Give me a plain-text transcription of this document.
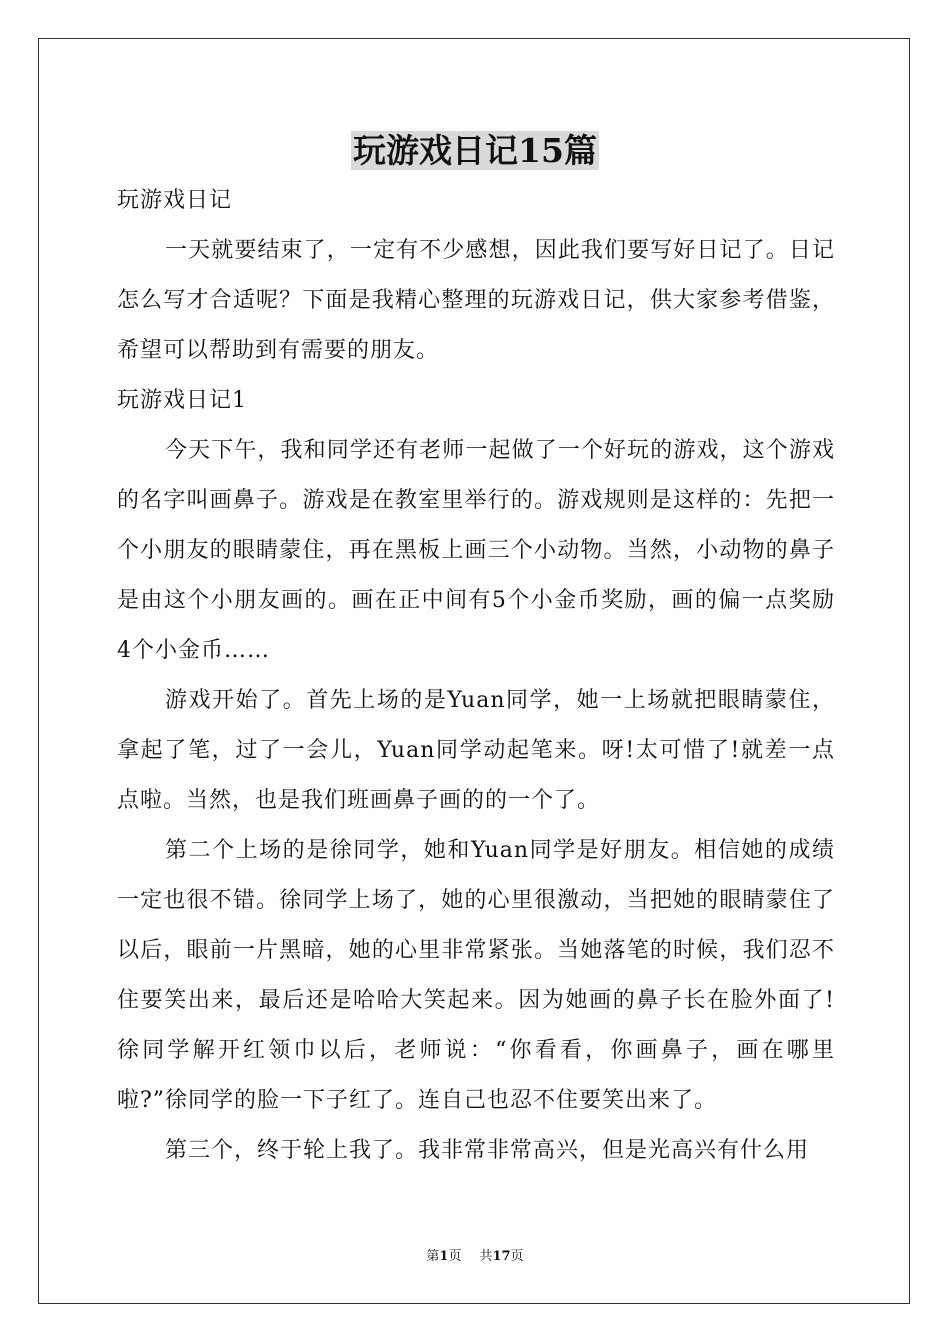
玩游戏日记15篇

玩游戏日记

一天就要结束了，一定有不少感想，因此我们要写好日记了。日记怎么写才合适呢？下面是我精心整理的玩游戏日记，供大家参考借鉴，希望可以帮助到有需要的朋友。

玩游戏日记1

今天下午，我和同学还有老师一起做了一个好玩的游戏，这个游戏的名字叫画鼻子。游戏是在教室里举行的。游戏规则是这样的：先把一个小朋友的眼睛蒙住，再在黑板上画三个小动物。当然，小动物的鼻子是由这个小朋友画的。画在正中间有5个小金币奖励，画的偏一点奖励4个小金币……

游戏开始了。首先上场的是Yuan同学，她一上场就把眼睛蒙住，拿起了笔，过了一会儿，Yuan同学动起笔来。呀!太可惜了!就差一点点啦。当然，也是我们班画鼻子画的的一个了。

第二个上场的是徐同学，她和Yuan同学是好朋友。相信她的成绩一定也很不错。徐同学上场了，她的心里很激动，当把她的眼睛蒙住了以后，眼前一片黑暗，她的心里非常紧张。当她落笔的时候，我们忍不住要笑出来，最后还是哈哈大笑起来。因为她画的鼻子长在脸外面了!徐同学解开红领巾以后，老师说：“你看看，你画鼻子，画在哪里啦?”徐同学的脸一下子红了。连自己也忍不住要笑出来了。

第三个，终于轮上我了。我非常非常高兴，但是光高兴有什么用

第1页 共17页
